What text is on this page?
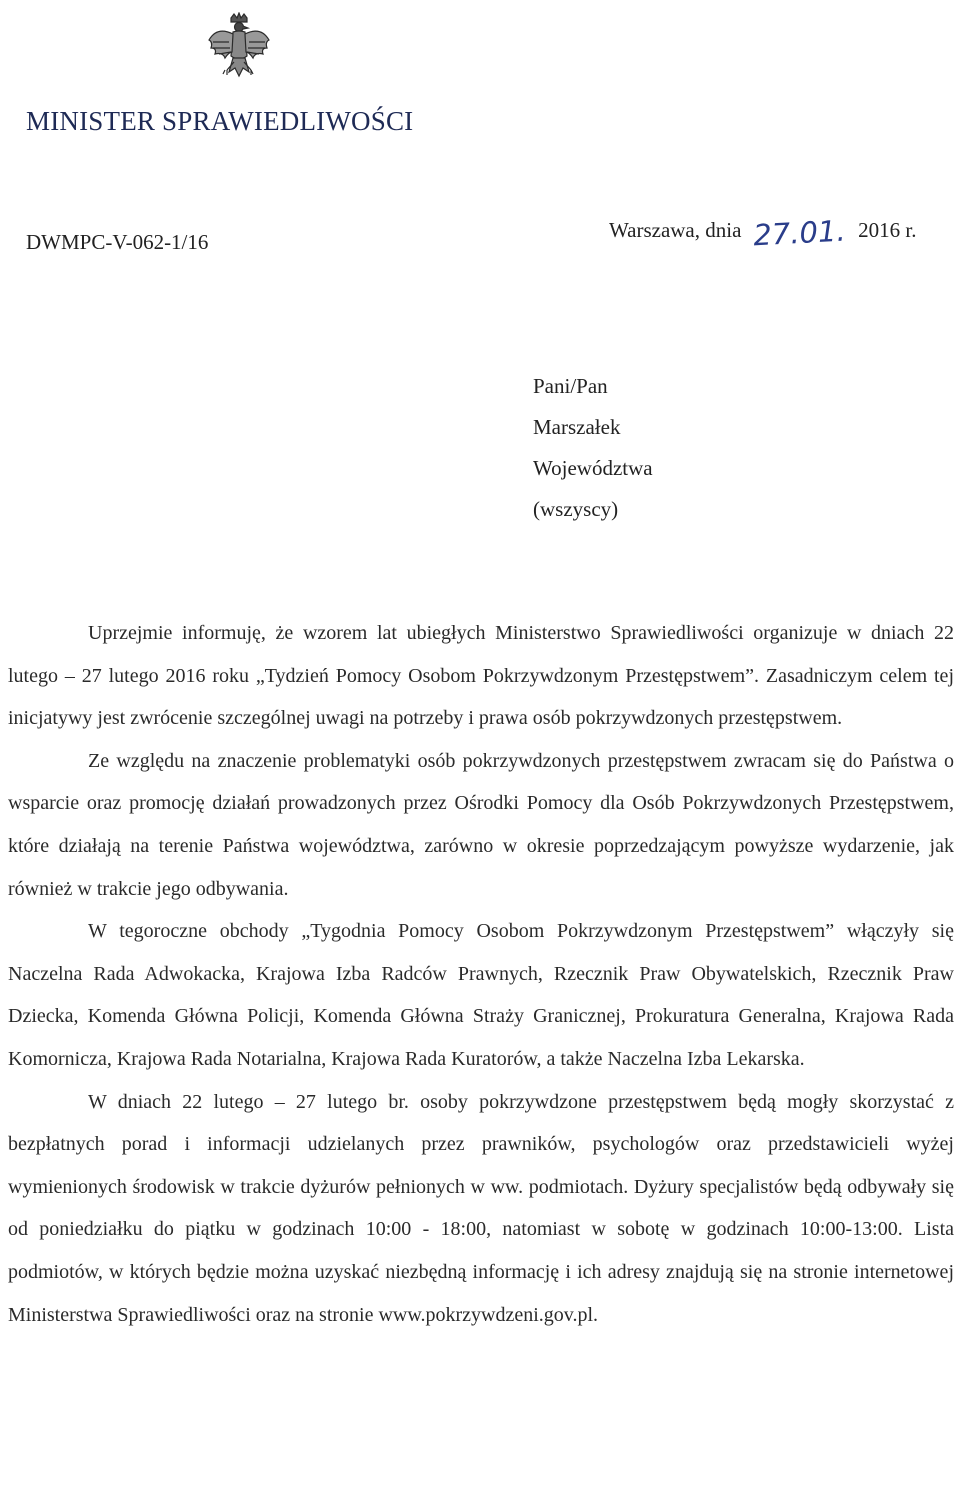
MINISTER SPRAWIEDLIWOŚCI
DWMPC-V-062-1/16	Warszawa, dnia 27.01. 2016 r.
Pani/Pan
Marszałek
Województwa
(wszyscy)

Uprzejmie informuję, że wzorem lat ubiegłych Ministerstwo Sprawiedliwości organizuje w dniach 22 lutego – 27 lutego 2016 roku „Tydzień Pomocy Osobom Pokrzywdzonym Przestępstwem”. Zasadniczym celem tej inicjatywy jest zwrócenie szczególnej uwagi na potrzeby i prawa osób pokrzywdzonych przestępstwem.

Ze względu na znaczenie problematyki osób pokrzywdzonych przestępstwem zwracam się do Państwa o wsparcie oraz promocję działań prowadzonych przez Ośrodki Pomocy dla Osób Pokrzywdzonych Przestępstwem, które działają na terenie Państwa województwa, zarówno w okresie poprzedzającym powyższe wydarzenie, jak również w trakcie jego odbywania.

W tegoroczne obchody „Tygodnia Pomocy Osobom Pokrzywdzonym Przestępstwem” włączyły się Naczelna Rada Adwokacka, Krajowa Izba Radców Prawnych, Rzecznik Praw Obywatelskich, Rzecznik Praw Dziecka, Komenda Główna Policji, Komenda Główna Straży Granicznej, Prokuratura Generalna, Krajowa Rada Komornicza, Krajowa Rada Notarialna, Krajowa Rada Kuratorów, a także Naczelna Izba Lekarska.

W dniach 22 lutego – 27 lutego br. osoby pokrzywdzone przestępstwem będą mogły skorzystać z bezpłatnych porad i informacji udzielanych przez prawników, psychologów oraz przedstawicieli wyżej wymienionych środowisk w trakcie dyżurów pełnionych w ww. podmiotach. Dyżury specjalistów będą odbywały się od poniedziałku do piątku w godzinach 10:00 - 18:00, natomiast w sobotę w godzinach 10:00-13:00. Lista podmiotów, w których będzie można uzyskać niezbędną informację i ich adresy znajdują się na stronie internetowej Ministerstwa Sprawiedliwości oraz na stronie www.pokrzywdzeni.gov.pl.
